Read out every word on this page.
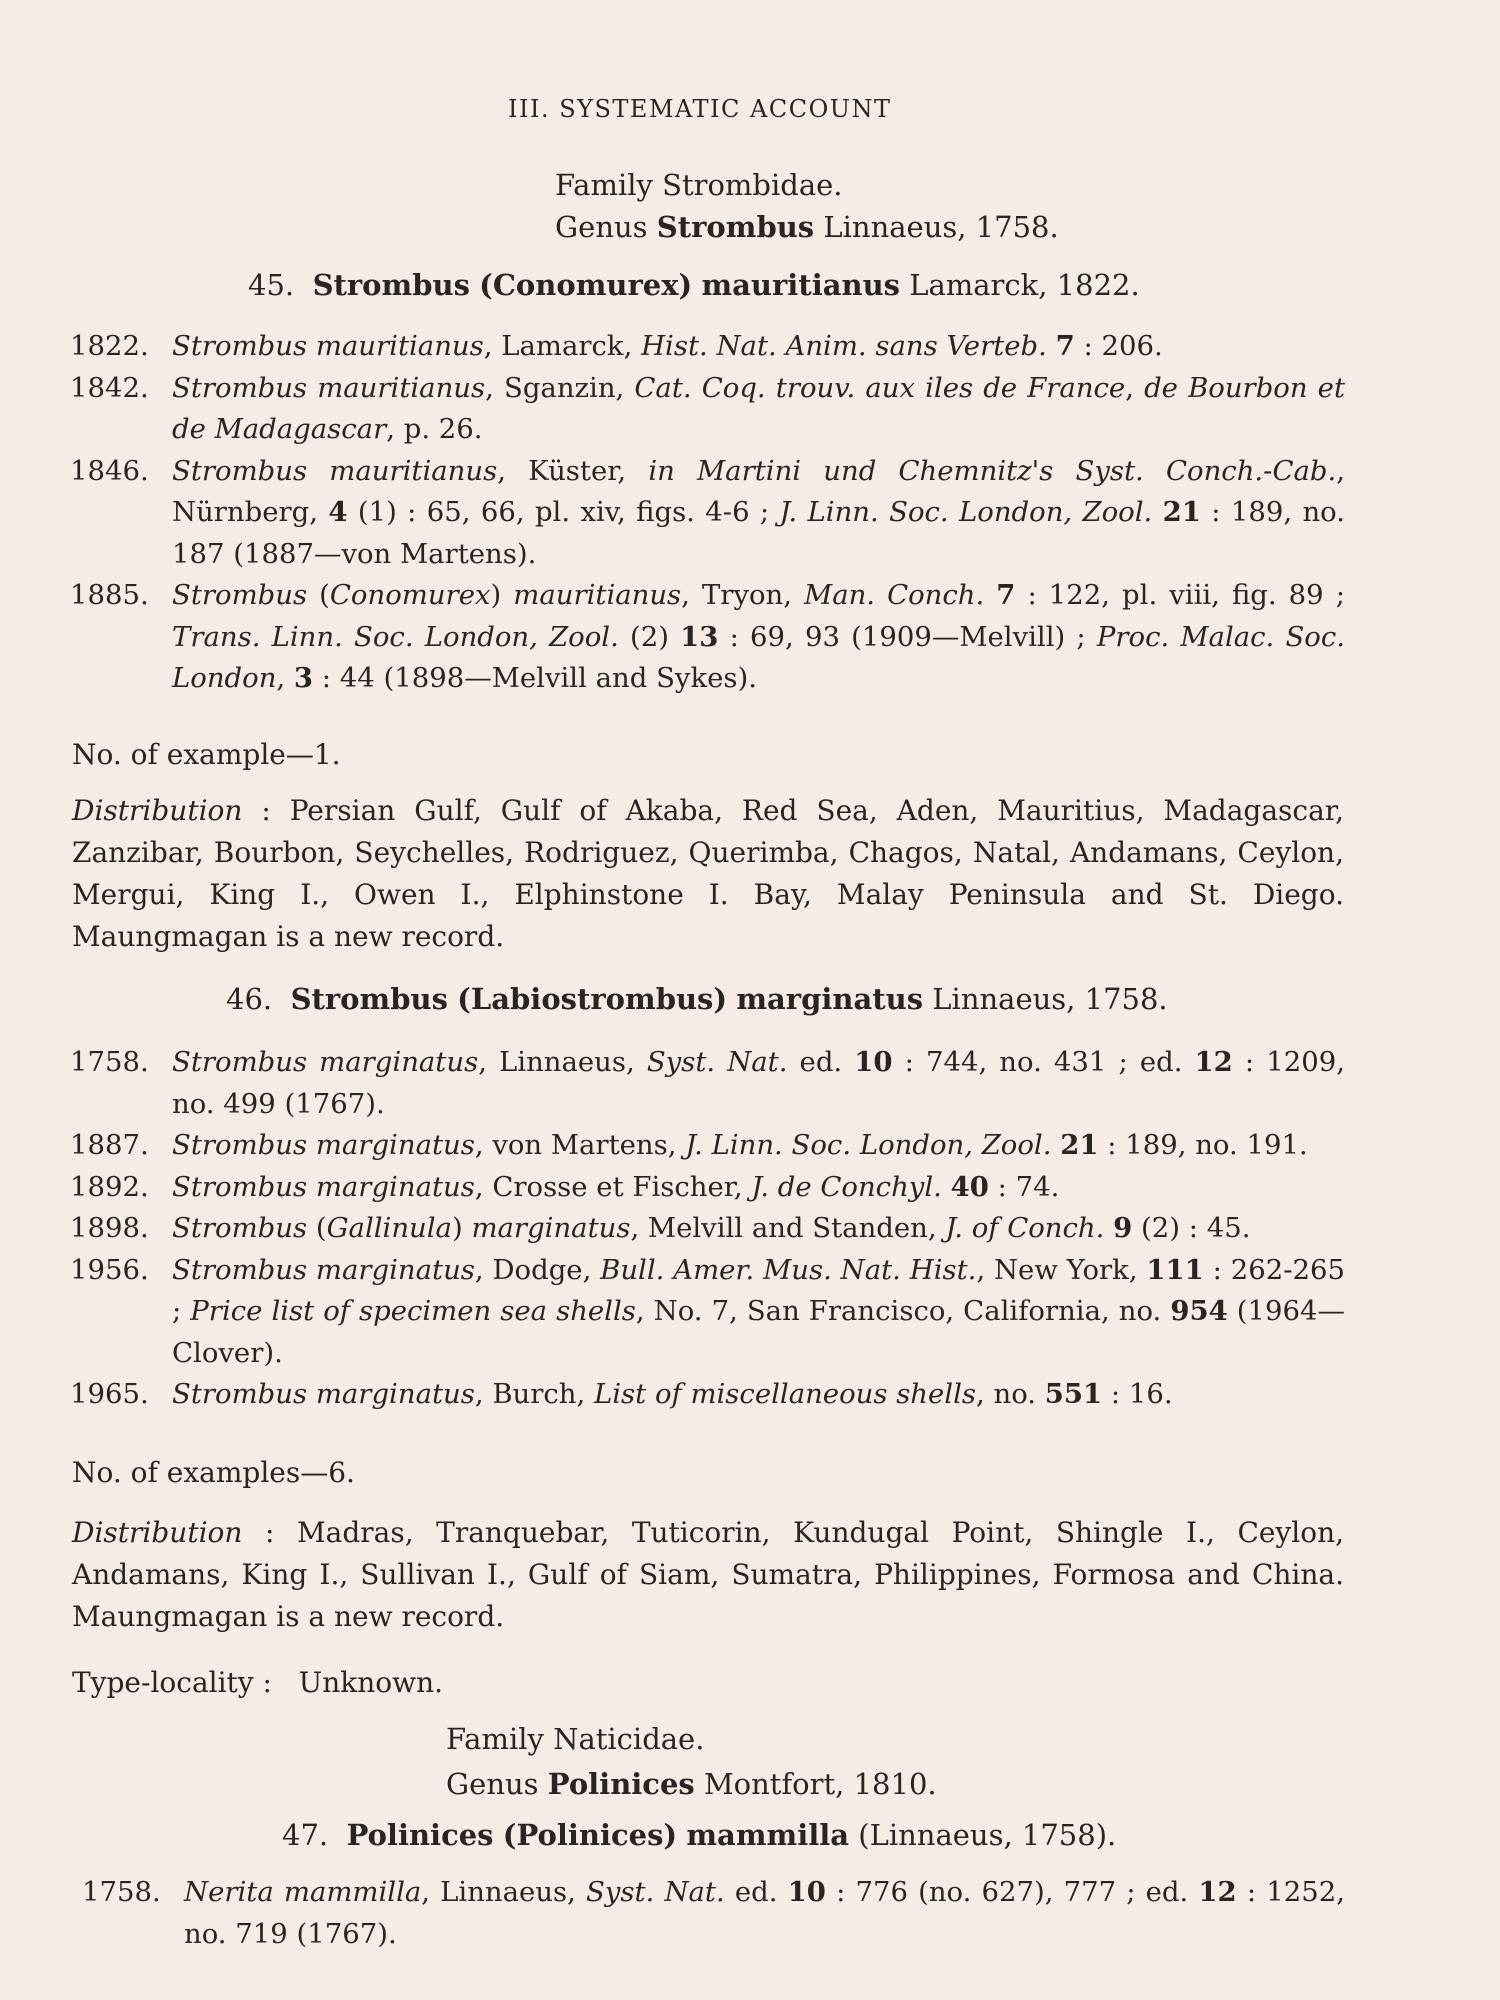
III. SYSTEMATIC ACCOUNT
Family Strombidae.
Genus Strombus Linnaeus, 1758.
45. Strombus (Conomurex) mauritianus Lamarck, 1822.
1822. Strombus mauritianus, Lamarck, Hist. Nat. Anim. sans Verteb. 7 : 206.
1842. Strombus mauritianus, Sganzin, Cat. Coq. trouv. aux iles de France, de Bourbon et de Madagascar, p. 26.
1846. Strombus mauritianus, Küster, in Martini und Chemnitz's Syst. Conch.-Cab., Nürnberg, 4 (1) : 65, 66, pl. xiv, figs. 4-6 ; J. Linn. Soc. London, Zool. 21 : 189, no. 187 (1887—von Martens).
1885. Strombus (Conomurex) mauritianus, Tryon, Man. Conch. 7 : 122, pl. viii, fig. 89 ; Trans. Linn. Soc. London, Zool. (2) 13 : 69, 93 (1909—Melvill) ; Proc. Malac. Soc. London, 3 : 44 (1898—Melvill and Sykes).
No. of example—1.
Distribution : Persian Gulf, Gulf of Akaba, Red Sea, Aden, Mauritius, Madagascar, Zanzibar, Bourbon, Seychelles, Rodriguez, Querimba, Chagos, Natal, Andamans, Ceylon, Mergui, King I., Owen I., Elphinstone I. Bay, Malay Peninsula and St. Diego. Maungmagan is a new record.
46. Strombus (Labiostrombus) marginatus Linnaeus, 1758.
1758. Strombus marginatus, Linnaeus, Syst. Nat. ed. 10 : 744, no. 431 ; ed. 12 : 1209, no. 499 (1767).
1887. Strombus marginatus, von Martens, J. Linn. Soc. London, Zool. 21 : 189, no. 191.
1892. Strombus marginatus, Crosse et Fischer, J. de Conchyl. 40 : 74.
1898. Strombus (Gallinula) marginatus, Melvill and Standen, J. of Conch. 9 (2) : 45.
1956. Strombus marginatus, Dodge, Bull. Amer. Mus. Nat. Hist., New York, 111 : 262-265 ; Price list of specimen sea shells, No. 7, San Francisco, California, no. 954 (1964—Clover).
1965. Strombus marginatus, Burch, List of miscellaneous shells, no. 551 : 16.
No. of examples—6.
Distribution : Madras, Tranquebar, Tuticorin, Kundugal Point, Shingle I., Ceylon, Andamans, King I., Sullivan I., Gulf of Siam, Sumatra, Philippines, Formosa and China. Maungmagan is a new record.
Type-locality : Unknown.
Family Naticidae.
Genus Polinices Montfort, 1810.
47. Polinices (Polinices) mammilla (Linnaeus, 1758).
1758. Nerita mammilla, Linnaeus, Syst. Nat. ed. 10 : 776 (no. 627), 777 ; ed. 12 : 1252, no. 719 (1767).
